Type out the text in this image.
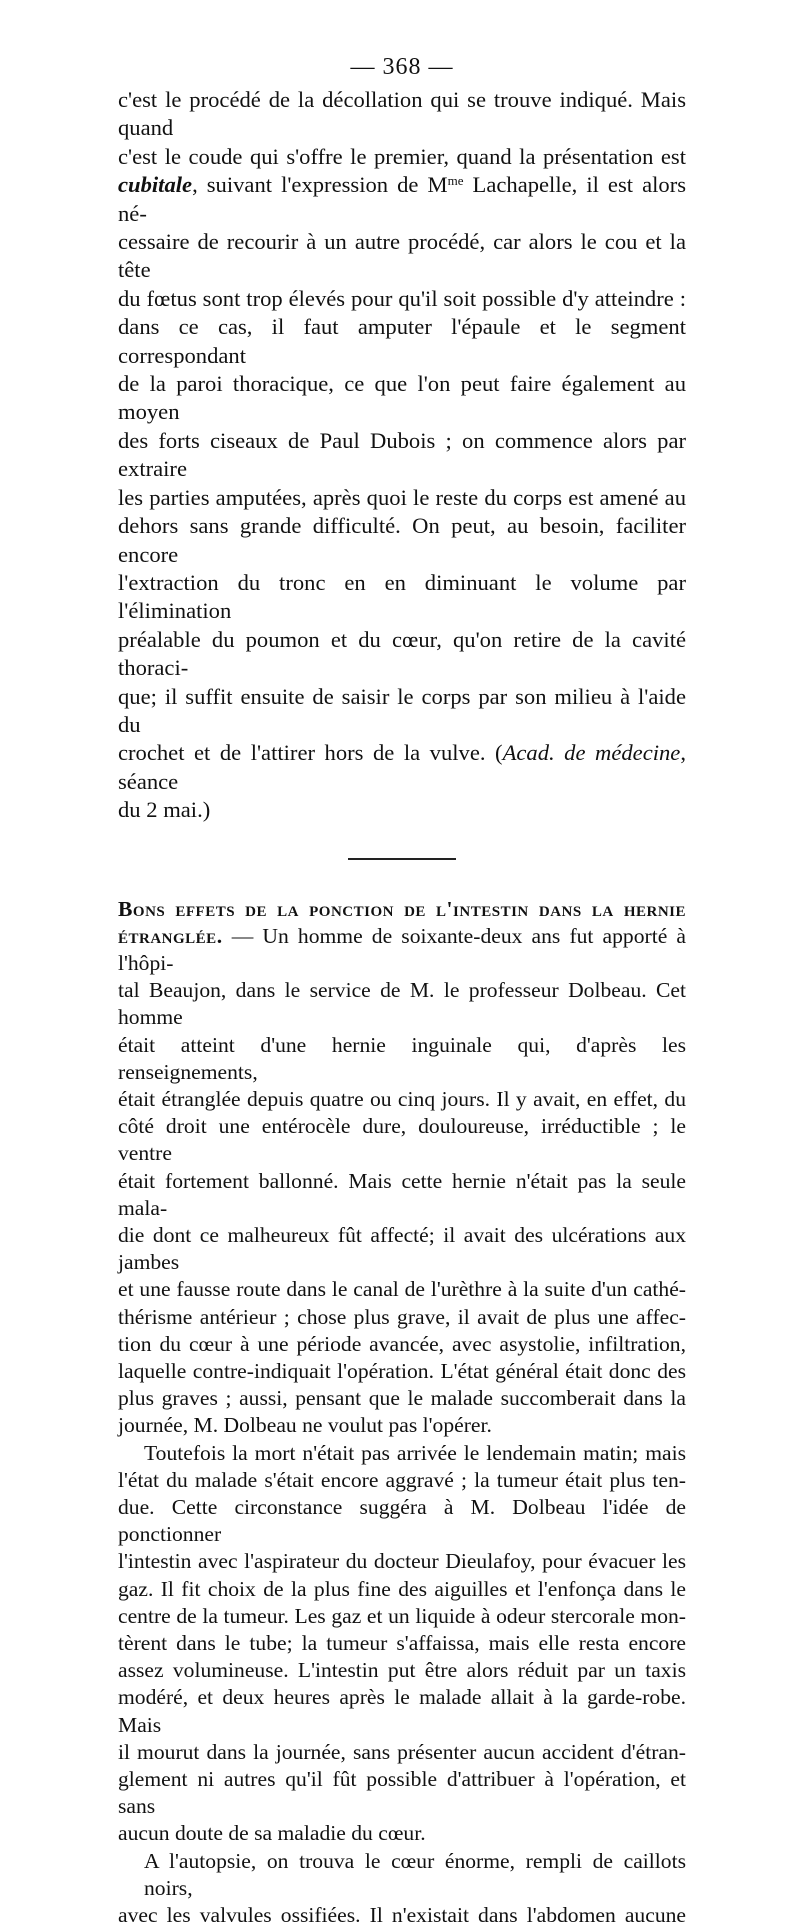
— 368 —

c'est le procédé de la décollation qui se trouve indiqué. Mais quand

c'est le coude qui s'offre le premier, quand la présentation est

cubitale, suivant l'expression de $M^{me}$ Lachapelle, il est alors né-

cessaire de recourir à un autre procédé, car alors le cou et la tête

du fœtus sont trop élevés pour qu'il soit possible d'y atteindre :

dans ce cas, il faut amputer l'épaule et le segment correspondant

de la paroi thoracique, ce que l'on peut faire également au moyen

des forts ciseaux de Paul Dubois ; on commence alors par extraire

les parties amputées, après quoi le reste du corps est amené au

dehors sans grande difficulté. On peut, au besoin, faciliter encore

l'extraction du tronc en en diminuant le volume par l'élimination

préalable du poumon et du cœur, qu'on retire de la cavité thoraci-

que; il suffit ensuite de saisir le corps par son milieu à l'aide du

crochet et de l'attirer hors de la vulve. (Acad. de médecine, séance

du 2 mai.)

Bons effets de la ponction de l'intestin dans la hernie

étranglée. — Un homme de soixante-deux ans fut apporté à l'hôpi-

tal Beaujon, dans le service de M. le professeur Dolbeau. Cet homme

était atteint d'une hernie inguinale qui, d'après les renseignements,

était étranglée depuis quatre ou cinq jours. Il y avait, en effet, du

côté droit une entérocèle dure, douloureuse, irréductible ; le ventre

était fortement ballonné. Mais cette hernie n'était pas la seule mala-

die dont ce malheureux fût affecté; il avait des ulcérations aux jambes

et une fausse route dans le canal de l'urèthre à la suite d'un cathé-

thérisme antérieur ; chose plus grave, il avait de plus une affec-

tion du cœur à une période avancée, avec asystolie, infiltration,

laquelle contre-indiquait l'opération. L'état général était donc des

plus graves ; aussi, pensant que le malade succomberait dans la

journée, M. Dolbeau ne voulut pas l'opérer.

Toutefois la mort n'était pas arrivée le lendemain matin; mais

l'état du malade s'était encore aggravé ; la tumeur était plus ten-

due. Cette circonstance suggéra à M. Dolbeau l'idée de ponctionner

l'intestin avec l'aspirateur du docteur Dieulafoy, pour évacuer les

gaz. Il fit choix de la plus fine des aiguilles et l'enfonça dans le

centre de la tumeur. Les gaz et un liquide à odeur stercorale mon-

tèrent dans le tube; la tumeur s'affaissa, mais elle resta encore

assez volumineuse. L'intestin put être alors réduit par un taxis

modéré, et deux heures après le malade allait à la garde-robe. Mais

il mourut dans la journée, sans présenter aucun accident d'étran-

glement ni autres qu'il fût possible d'attribuer à l'opération, et sans

aucun doute de sa maladie du cœur.

A l'autopsie, on trouva le cœur énorme, rempli de caillots noirs,

avec les valvules ossifiées. Il n'existait dans l'abdomen aucune
